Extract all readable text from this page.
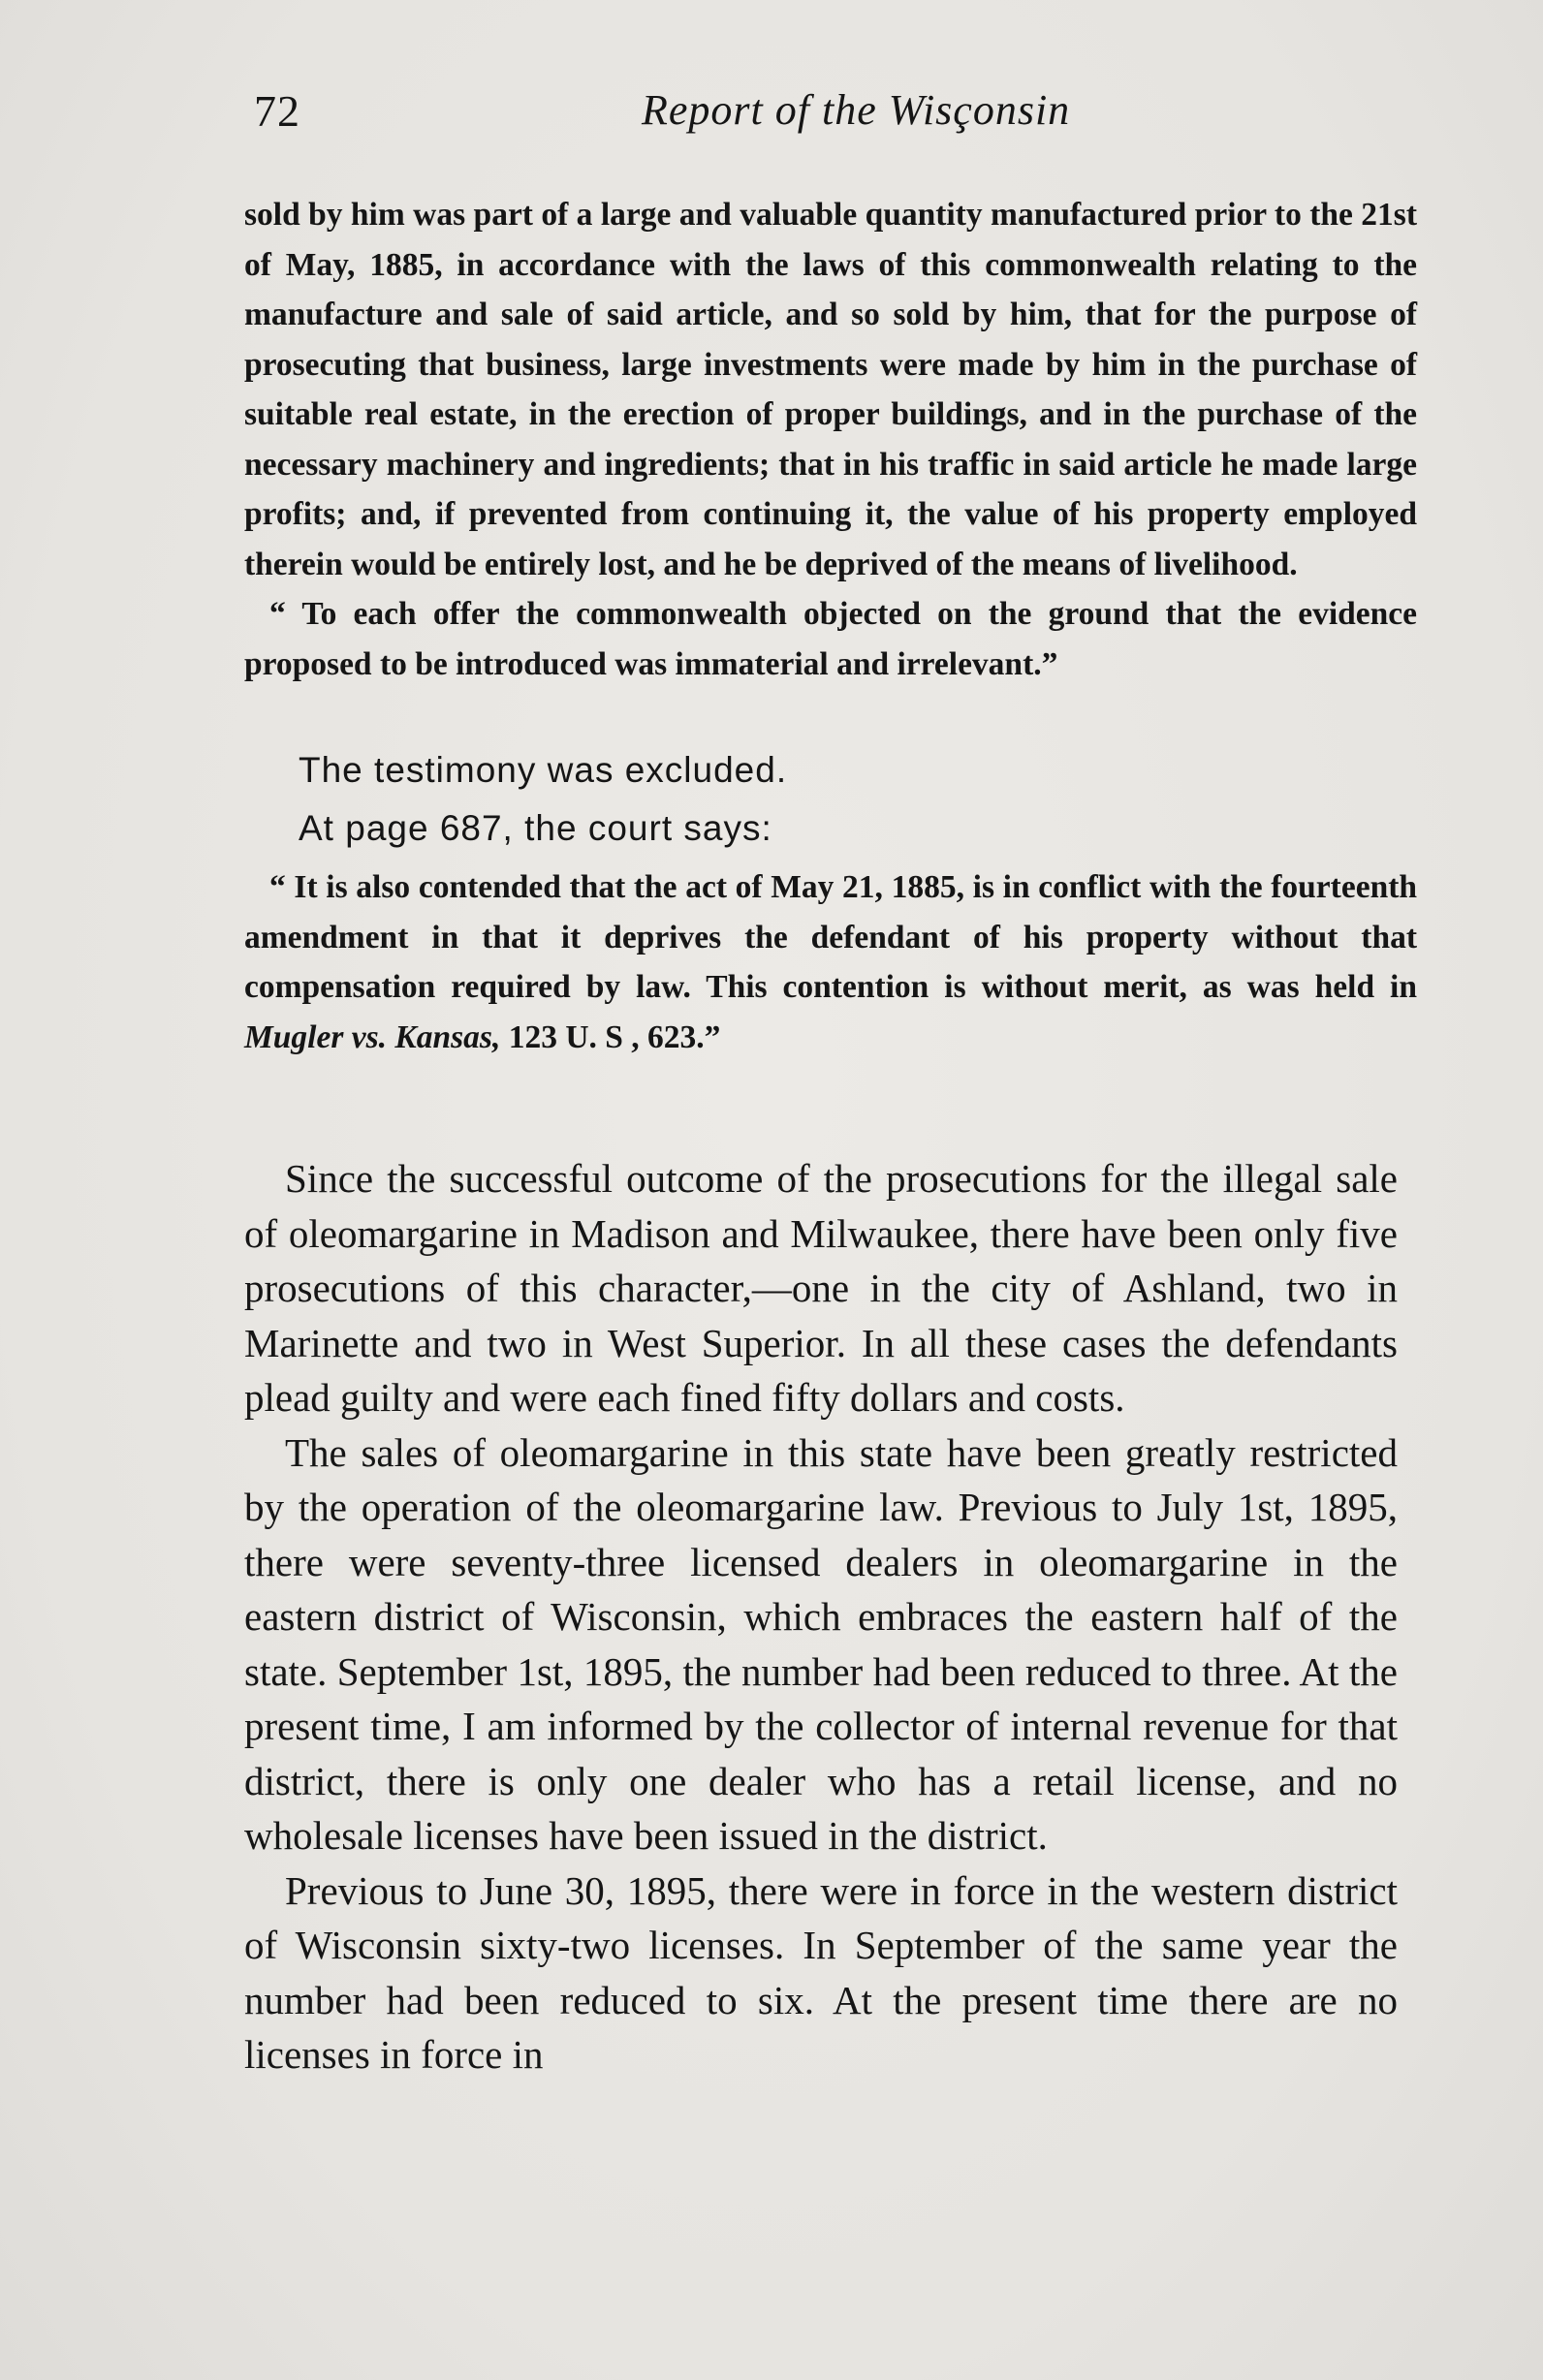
72	Report of the Wisçonsin

sold by him was part of a large and valuable quantity manufactured prior to the 21st of May, 1885, in accordance with the laws of this commonwealth relating to the manufacture and sale of said article, and so sold by him, that for the purpose of prosecuting that business, large investments were made by him in the purchase of suitable real estate, in the erection of proper buildings, and in the purchase of the necessary machinery and ingredients; that in his traffic in said article he made large profits; and, if prevented from continuing it, the value of his property employed therein would be entirely lost, and he be deprived of the means of livelihood.

“ To each offer the commonwealth objected on the ground that the evidence proposed to be introduced was immaterial and irrelevant.”

The testimony was excluded.

At page 687, the court says:

“ It is also contended that the act of May 21, 1885, is in conflict with the fourteenth amendment in that it deprives the defendant of his property without that compensation required by law. This contention is without merit, as was held in Mugler vs. Kansas, 123 U. S , 623.”

Since the successful outcome of the prosecutions for the illegal sale of oleomargarine in Madison and Milwaukee, there have been only five prosecutions of this character,—one in the city of Ashland, two in Marinette and two in West Superior. In all these cases the defendants plead guilty and were each fined fifty dollars and costs.

The sales of oleomargarine in this state have been greatly restricted by the operation of the oleomargarine law. Previous to July 1st, 1895, there were seventy-three licensed dealers in oleomargarine in the eastern district of Wisconsin, which embraces the eastern half of the state. September 1st, 1895, the number had been reduced to three. At the present time, I am informed by the collector of internal revenue for that district, there is only one dealer who has a retail license, and no wholesale licenses have been issued in the district.

Previous to June 30, 1895, there were in force in the western district of Wisconsin sixty-two licenses. In September of the same year the number had been reduced to six. At the present time there are no licenses in force in
